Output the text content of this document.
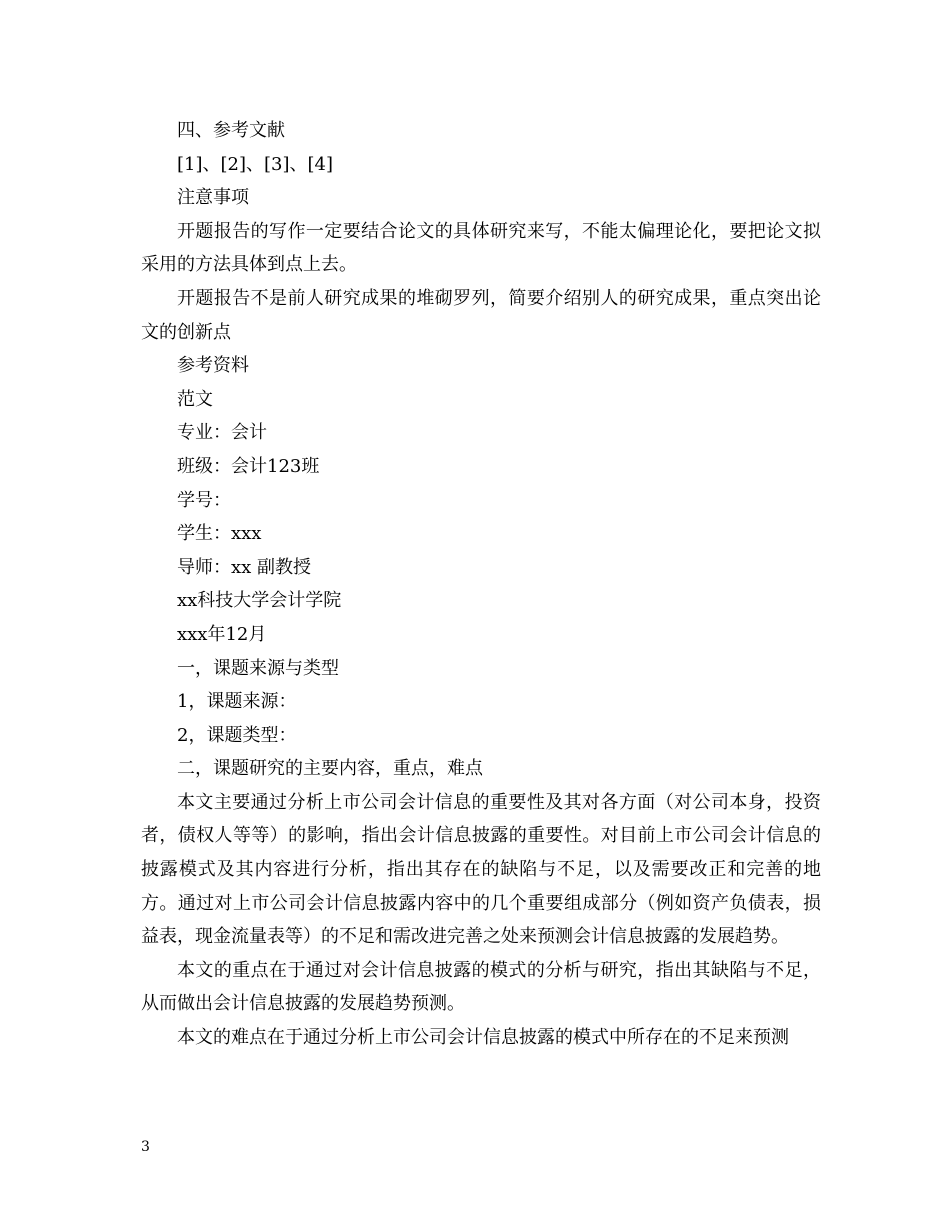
四、参考文献

[1]、[2]、[3]、[4]

注意事项

开题报告的写作一定要结合论文的具体研究来写，不能太偏理论化，要把论文拟采用的方法具体到点上去。

开题报告不是前人研究成果的堆砌罗列，简要介绍别人的研究成果，重点突出论文的创新点

参考资料

范文

专业：会计

班级：会计123班

学号：

学生：xxx

导师：xx 副教授

xx科技大学会计学院

xxx年12月

一，课题来源与类型

1，课题来源：

2，课题类型：

二，课题研究的主要内容，重点，难点

本文主要通过分析上市公司会计信息的重要性及其对各方面（对公司本身，投资者，债权人等等）的影响，指出会计信息披露的重要性。对目前上市公司会计信息的披露模式及其内容进行分析，指出其存在的缺陷与不足，以及需要改正和完善的地方。通过对上市公司会计信息披露内容中的几个重要组成部分（例如资产负债表，损益表，现金流量表等）的不足和需改进完善之处来预测会计信息披露的发展趋势。

本文的重点在于通过对会计信息披露的模式的分析与研究，指出其缺陷与不足，从而做出会计信息披露的发展趋势预测。

本文的难点在于通过分析上市公司会计信息披露的模式中所存在的不足来预测

3
